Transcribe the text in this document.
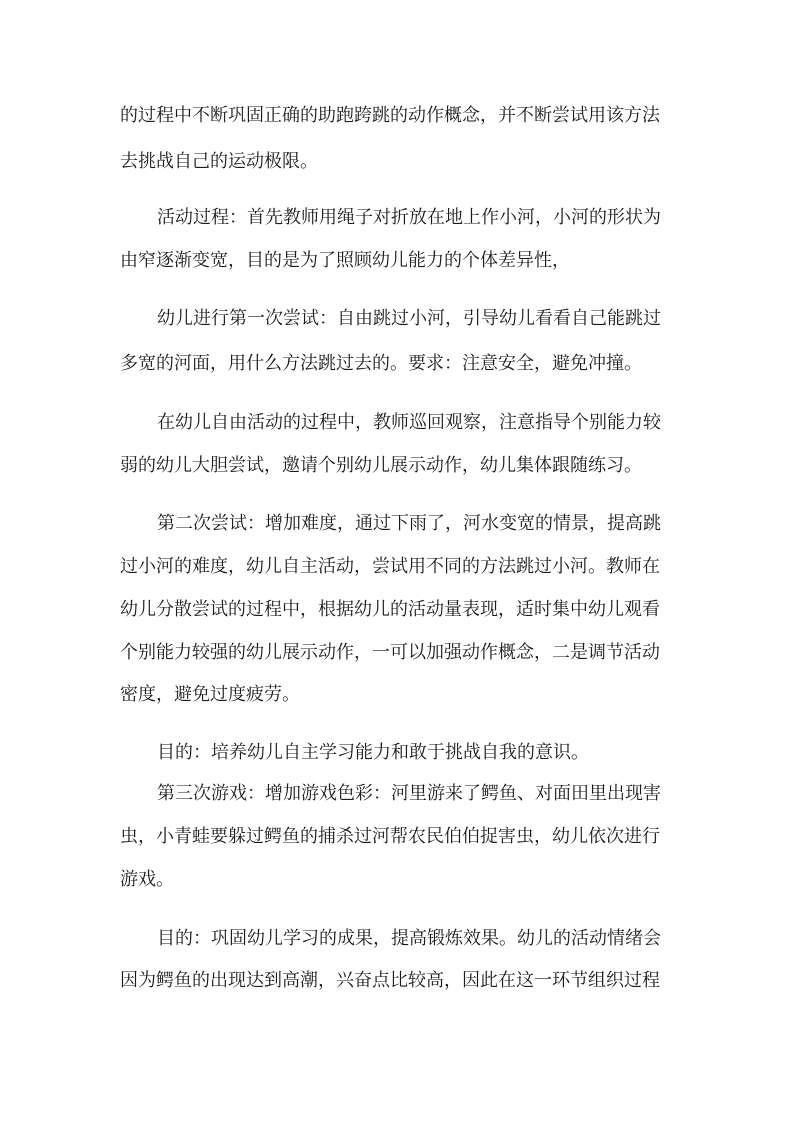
的过程中不断巩固正确的助跑跨跳的动作概念，并不断尝试用该方法
去挑战自己的运动极限。
活动过程：首先教师用绳子对折放在地上作小河，小河的形状为
由窄逐渐变宽，目的是为了照顾幼儿能力的个体差异性，
幼儿进行第一次尝试：自由跳过小河，引导幼儿看看自己能跳过
多宽的河面，用什么方法跳过去的。要求：注意安全，避免冲撞。
在幼儿自由活动的过程中，教师巡回观察，注意指导个别能力较
弱的幼儿大胆尝试，邀请个别幼儿展示动作，幼儿集体跟随练习。
第二次尝试：增加难度，通过下雨了，河水变宽的情景，提高跳
过小河的难度，幼儿自主活动，尝试用不同的方法跳过小河。教师在
幼儿分散尝试的过程中，根据幼儿的活动量表现，适时集中幼儿观看
个别能力较强的幼儿展示动作，一可以加强动作概念，二是调节活动
密度，避免过度疲劳。
目的：培养幼儿自主学习能力和敢于挑战自我的意识。
第三次游戏：增加游戏色彩：河里游来了鳄鱼、对面田里出现害
虫，小青蛙要躲过鳄鱼的捕杀过河帮农民伯伯捉害虫，幼儿依次进行
游戏。
目的：巩固幼儿学习的成果，提高锻炼效果。幼儿的活动情绪会
因为鳄鱼的出现达到高潮，兴奋点比较高，因此在这一环节组织过程
